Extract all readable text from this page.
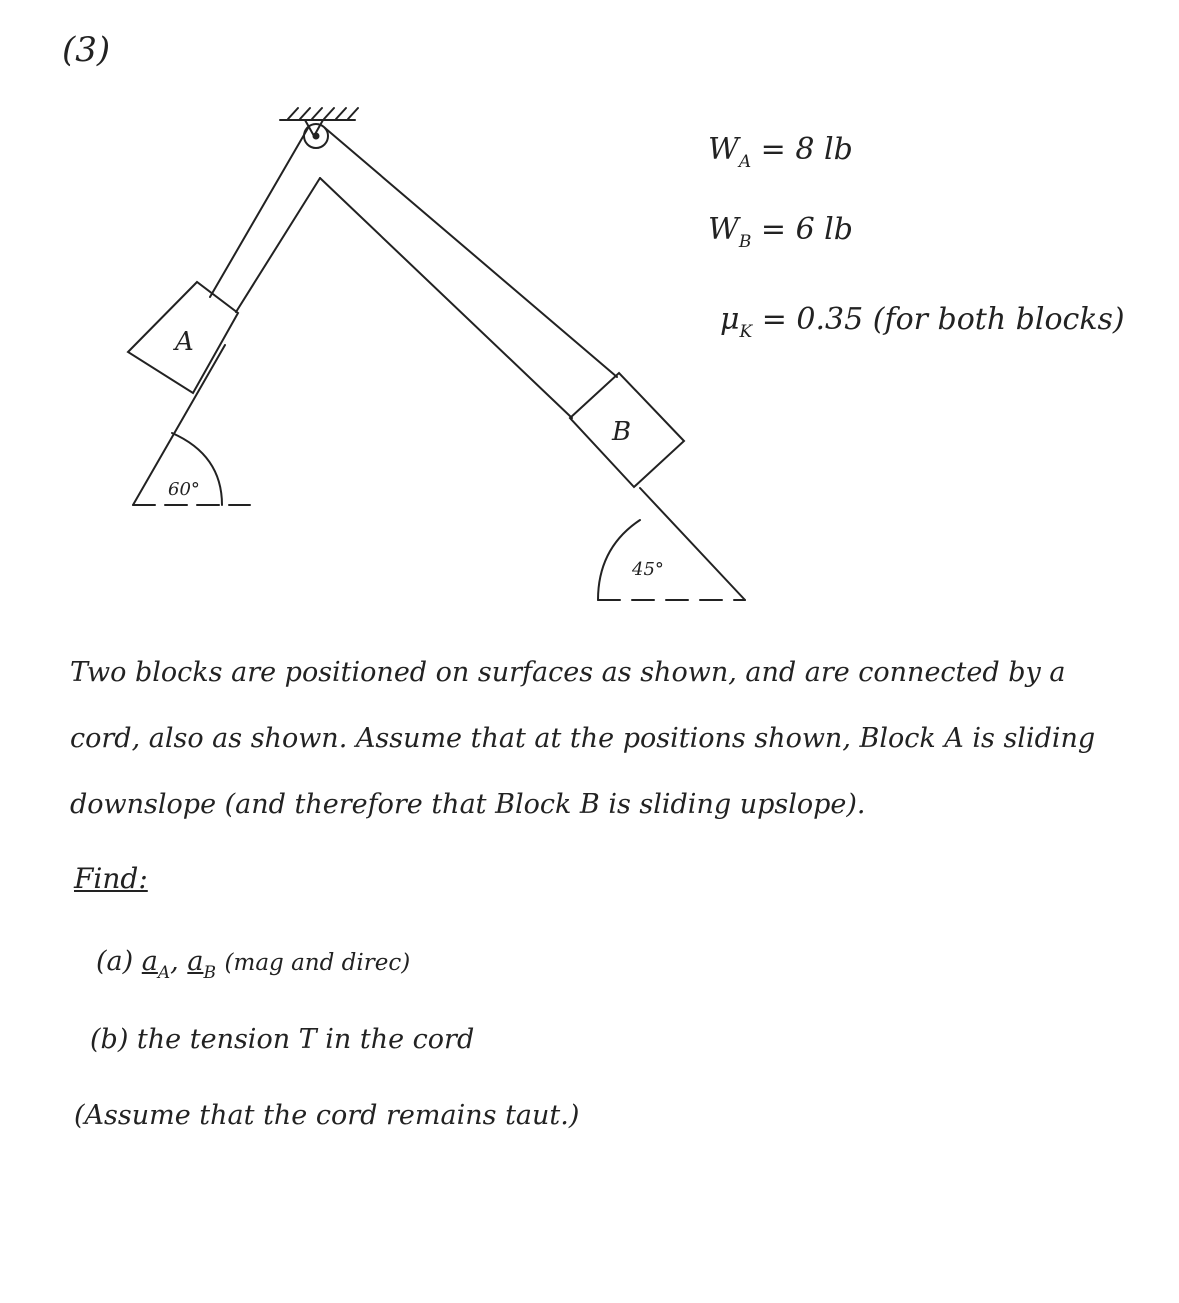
A
B
60°
45°
(3)
$W_A = 8$ lb
$W_B = 6$ lb
$\mu_K = 0.35$ (for both blocks)
Two blocks are positioned on surfaces as shown, and are connected by a cord, also as shown. Assume that at the positions shown, Block A is sliding downslope (and therefore that Block B is sliding upslope).
Find:
(a) $a_A$, $a_B$ (mag and direc)
(b) the tension T in the cord
(Assume that the cord remains taut.)
